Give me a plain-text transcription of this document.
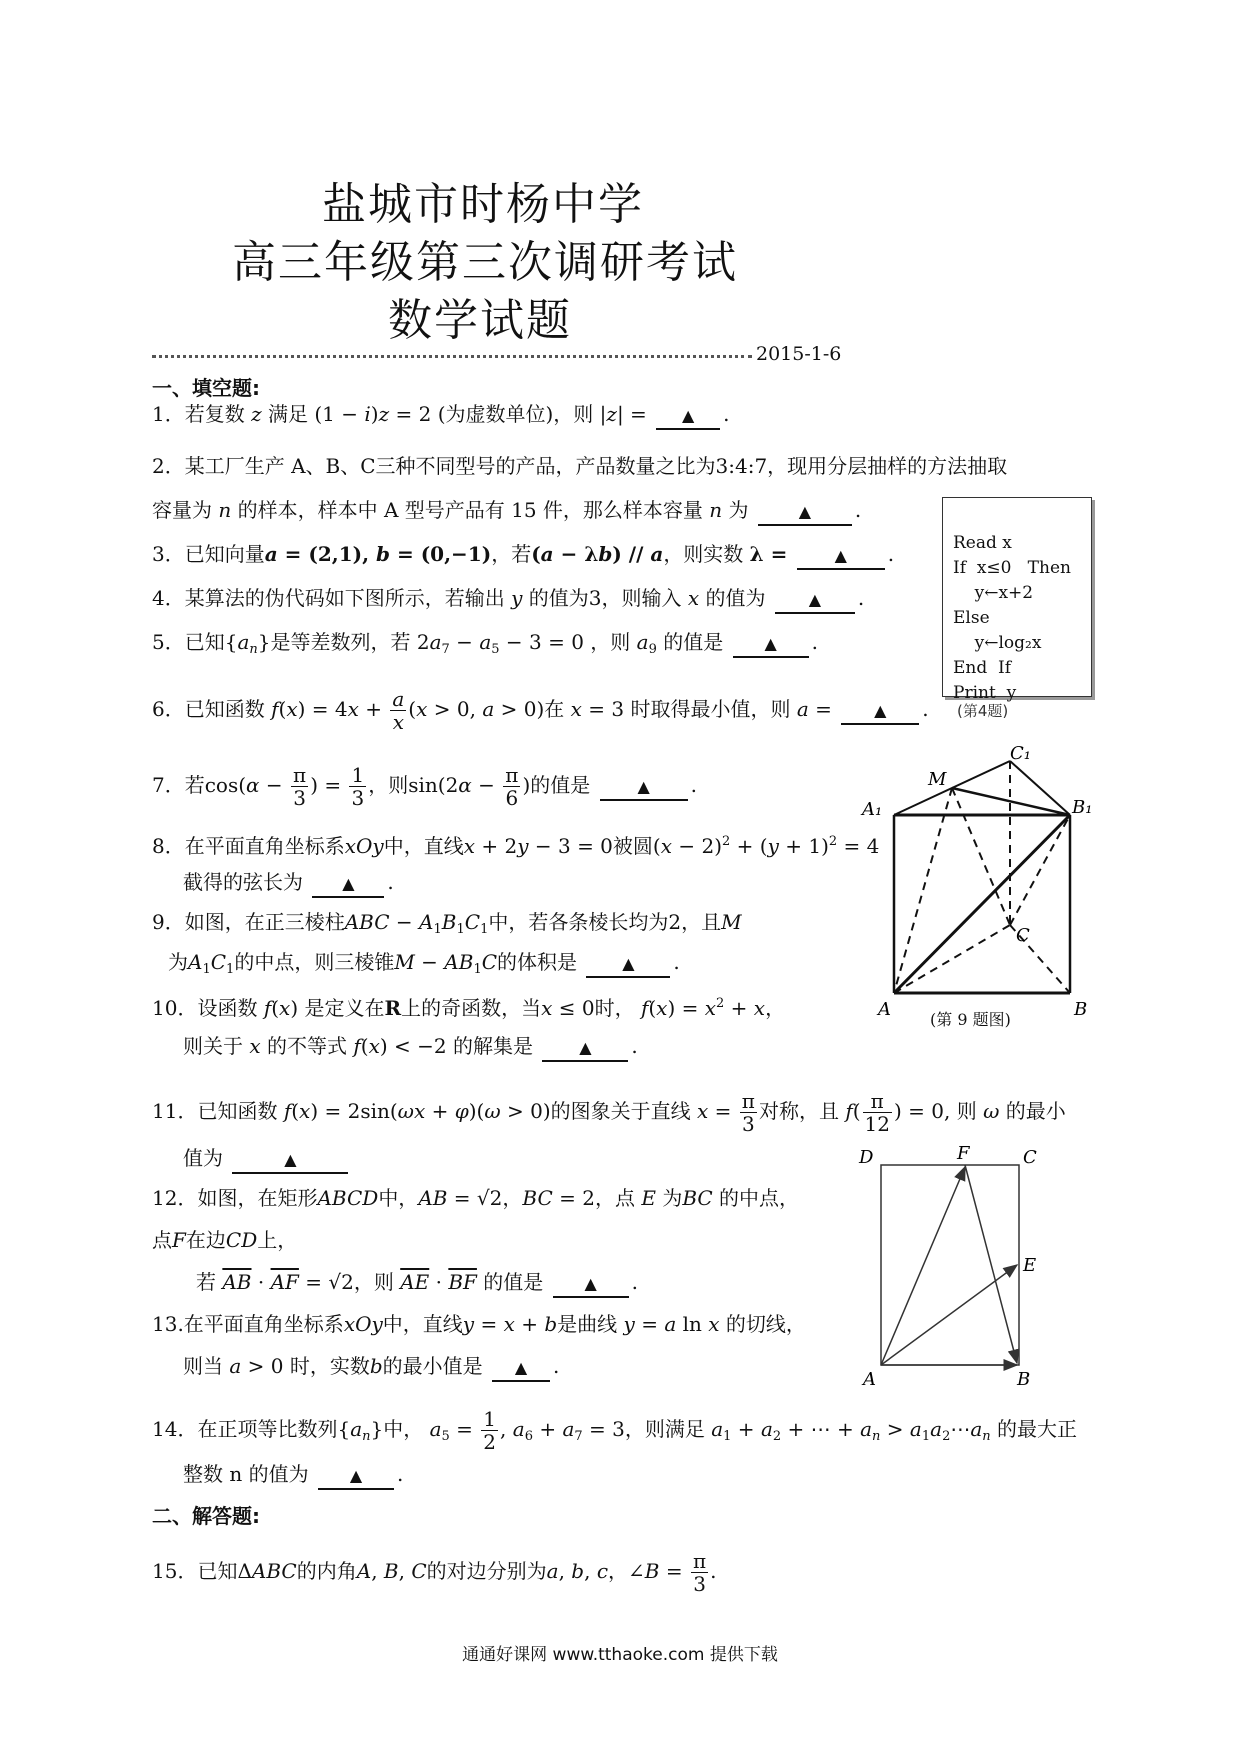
盐城市时杨中学
高三年级第三次调研考试
数学试题
2015-1-6
一、填空题:
1．若复数 z 满足 (1 − i)z = 2 (为虚数单位)，则 |z| = ▲ .
2．某工厂生产 A、B、C三种不同型号的产品，产品数量之比为3:4:7，现用分层抽样的方法抽取
容量为 n 的样本，样本中 A 型号产品有 15 件，那么样本容量 n 为	▲ .
3．已知向量a = (2,1), b = (0,−1)，若(a − λb) // a，则实数 λ =	▲ .
4．某算法的伪代码如下图所示，若输出 y 的值为3，则输入 x 的值为	▲ .
5．已知$\{a_n\}$是等差数列，若 $2a_7 - a_5 - 3 = 0$ ，则 $a_9$ 的值是	▲ .
6．已知函数 $f(x) = 4x + \frac{a}{x} (x > 0$, a > 0)在 x = 3 时取得最小值，则 a = ▲ .
7．若$\cos(\alpha - \frac{\pi}{3}$ ) = $\frac{1}{3}$ ，则$\sin(2\alpha - \frac{\pi}{6}$ )的值是	▲ .
8．在平面直角坐标系xOy中，直线x + 2y − 3 = 0被圆$(x - 2)^2 + (y + 1)^2 = 4$
截得的弦长为 ▲ .
9．如图，在正三棱柱ABC − $A_1B_1C_1$中，若各条棱长均为2，且M
为$A_1C_1$的中点，则三棱锥$M - AB_1C$的体积是	▲ .
10．设函数 f(x) 是定义在R上的奇函数，当x ≤ 0时， $f(x) = x^2 + x$，
则关于 x 的不等式 f(x) < −2 的解集是	▲ .
11．已知函数 f(x) = 2sin(ωx + φ)(ω > 0)的图象关于直线 $x = \frac{\pi}{3}$ 对称，且 $f( \frac{\pi}{12}$ ) = 0, 则 ω 的最小
值为	▲
12．如图，在矩形ABCD中，AB = √2，BC = 2，点 E 为BC 的中点，
点F在边CD上，
若 $\overline{AB} \cdot \overline{AF} = √2$，则 $\overline{AE} \cdot \overline{BF}$ 的值是	▲ .
13.在平面直角坐标系xOy中，直线y = x + b是曲线 y = a ln x 的切线，
则当 a > 0 时，实数b的最小值是 ▲ .
14．在正项等比数列$\{a_n\}$中， $a_5 = \frac{1}{2}$ , $a_6 + a_7 = 3$，则满足 $a_1 + a_2$ + ⋯ + $a_n$ > $a_1a_2\cdots a_n$ 的最大正
整数 n 的值为	▲ .
二、解答题:
15．已知ΔABC的内角A, B, C的对边分别为a, b, c，∠B = $\frac{\pi}{3}$ .

Read x
If  x≤0   Then
y←x+2
Else
y←log₂x
End  If
Print  y

(第4题)
A₁	B₁
C₁
M
C
A	B
(第 9 题图)
D	F	C
E
A	B
通通好课网 www.tthaoke.com 提供下载
